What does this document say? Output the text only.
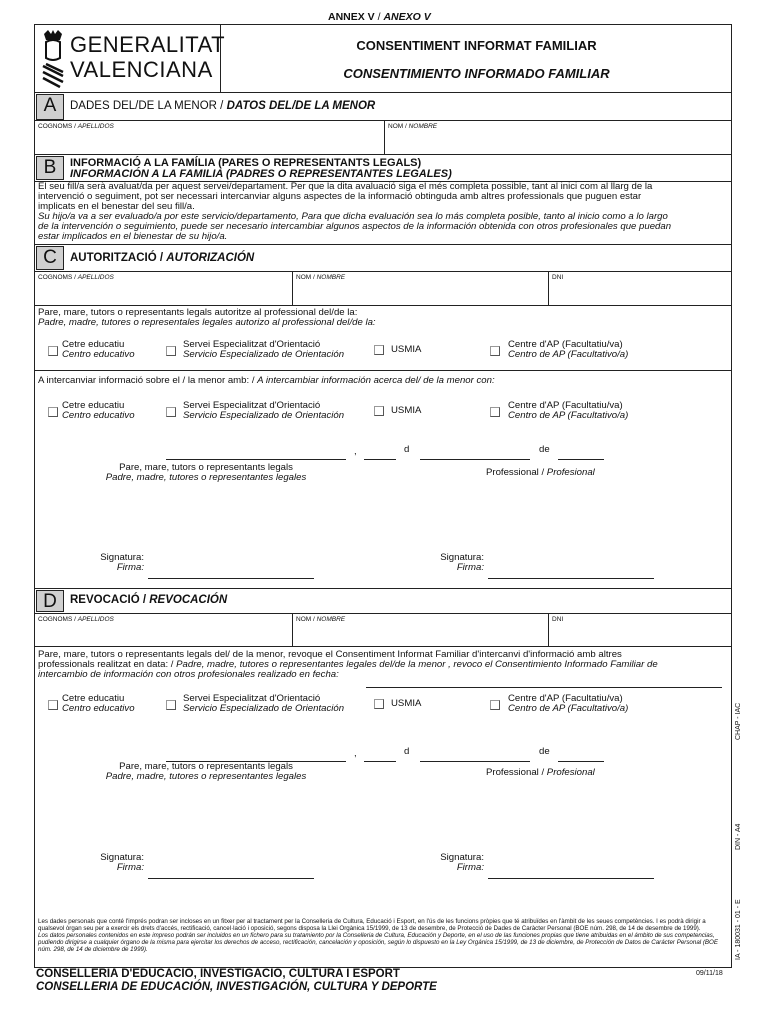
ANNEX V / ANEXO V
GENERALITAT
VALENCIANA
CONSENTIMENT INFORMAT FAMILIAR
CONSENTIMIENTO INFORMADO FAMILIAR
A	DADES DEL/DE LA MENOR / DATOS DEL/DE LA MENOR
COGNOMS / APELLIDOS	NOM / NOMBRE
B	INFORMACIÓ A LA FAMÍLIA (PARES O REPRESENTANTS LEGALS)
INFORMACIÓN A LA FAMILIA (PADRES O REPRESENTANTES LEGALES)
El seu fill/a serà avaluat/da per aquest servei/departament. Per que la dita avaluació siga el més completa possible, tant al inici com al llarg de la
intervenció o seguiment, pot ser necessari intercanviar alguns aspectes de la informació obtinguda amb altres professionals que puguen estar
implicats en el benestar del seu fill/a.
Su hijo/a va a ser evaluado/a por este servicio/departamento, Para que dicha evaluación sea lo más completa posible, tanto al inicio como a lo largo
de la intervención o seguimiento, puede ser necesario intercambiar algunos aspectos de la información obtenida con otros profesionales que puedan
estar implicados en el bienestar de su hijo/a.
C	AUTORITZACIÓ / AUTORIZACIÓN
COGNOMS / APELLIDOS	NOM / NOMBRE	DNI
Pare, mare, tutors o representants legals autoritze al professional del/de la:
Padre, madre, tutores o representales legales autorizo al professional del/de la:
Cetre educatiu
Centro educativo
Servei Especialitzat d'Orientació
Servicio Especializado de Orientación	USMIA	Centre d'AP (Facultatiu/va)
Centro de AP (Facultativo/a)
A intercanviar informació sobre el / la menor amb: / A intercambiar información acerca del/ de la menor con:
Cetre educatiu
Centro educativo
Servei Especialitzat d'Orientació
Servicio Especializado de Orientación	USMIA	Centre d'AP (Facultatiu/va)
Centro de AP (Facultativo/a)
,	d	de
Pare, mare, tutors o representants legals
Padre, madre, tutores o representantes legales	Professional / Profesional
Signatura:
Firma:
Signatura:
Firma:
D	REVOCACIÓ / REVOCACIÓN
COGNOMS / APELLIDOS	NOM / NOMBRE	DNI
Pare, mare, tutors o representants legals del/ de la menor, revoque el Consentiment Informat Familiar d'intercanvi d'informació amb altres
professionals realitzat en data: / Padre, madre, tutores o representantes legales del/de la menor , revoco el Consentimiento Informado Familiar de
intercambio de información con otros profesionales realizado en fecha:
Cetre educatiu
Centro educativo
Servei Especialitzat d'Orientació
Servicio Especializado de Orientación	USMIA	Centre d'AP (Facultatiu/va)
Centro de AP (Facultativo/a)
,	d	de
Pare, mare, tutors o representants legals
Padre, madre, tutores o representantes legales	Professional / Profesional
Signatura:
Firma:
Signatura:
Firma:
Les dades personals que conté l'imprés podran ser incloses en un fitxer per al tractament per la Conselleria de Cultura, Educació i Esport, en l'ús de les funcions pròpies que té atribuïdes en l'àmbit de les seues competències. I es podrà dirigir a qualsevol òrgan seu per a exercir els drets d'accés, rectificació, cancel·lació i oposició, segons disposa la Llei Orgànica 15/1999, de 13 de desembre, de Protecció de Dades de Caràcter Personal (BOE núm. 298, de 14 de desembre de 1999).
Los datos personales contenidos en este impreso podrán ser incluidos en un fichero para su tratamiento por la Conselleria de Cultura, Educación y Deporte, en el uso de las funciones propias que tiene atribuidas en el ámbito de sus competencias, pudiendo dirigirse a cualquier órgano de la misma para ejercitar los derechos de acceso, rectificación, cancelación y oposición, según lo dispuesto en la Ley Orgánica 15/1999, de 13 de diciembre, de Protección de Datos de Carácter Personal (BOE núm. 298, de 14 de diciembre de 1999).
CONSELLERIA D'EDUCACIO, INVESTIGACIO, CULTURA I ESPORT
CONSELLERIA DE EDUCACIÓN, INVESTIGACIÓN, CULTURA Y DEPORTE
09/11/18
CHAP - IAC
DIN - A4
IA - 180031 - 01 - E
